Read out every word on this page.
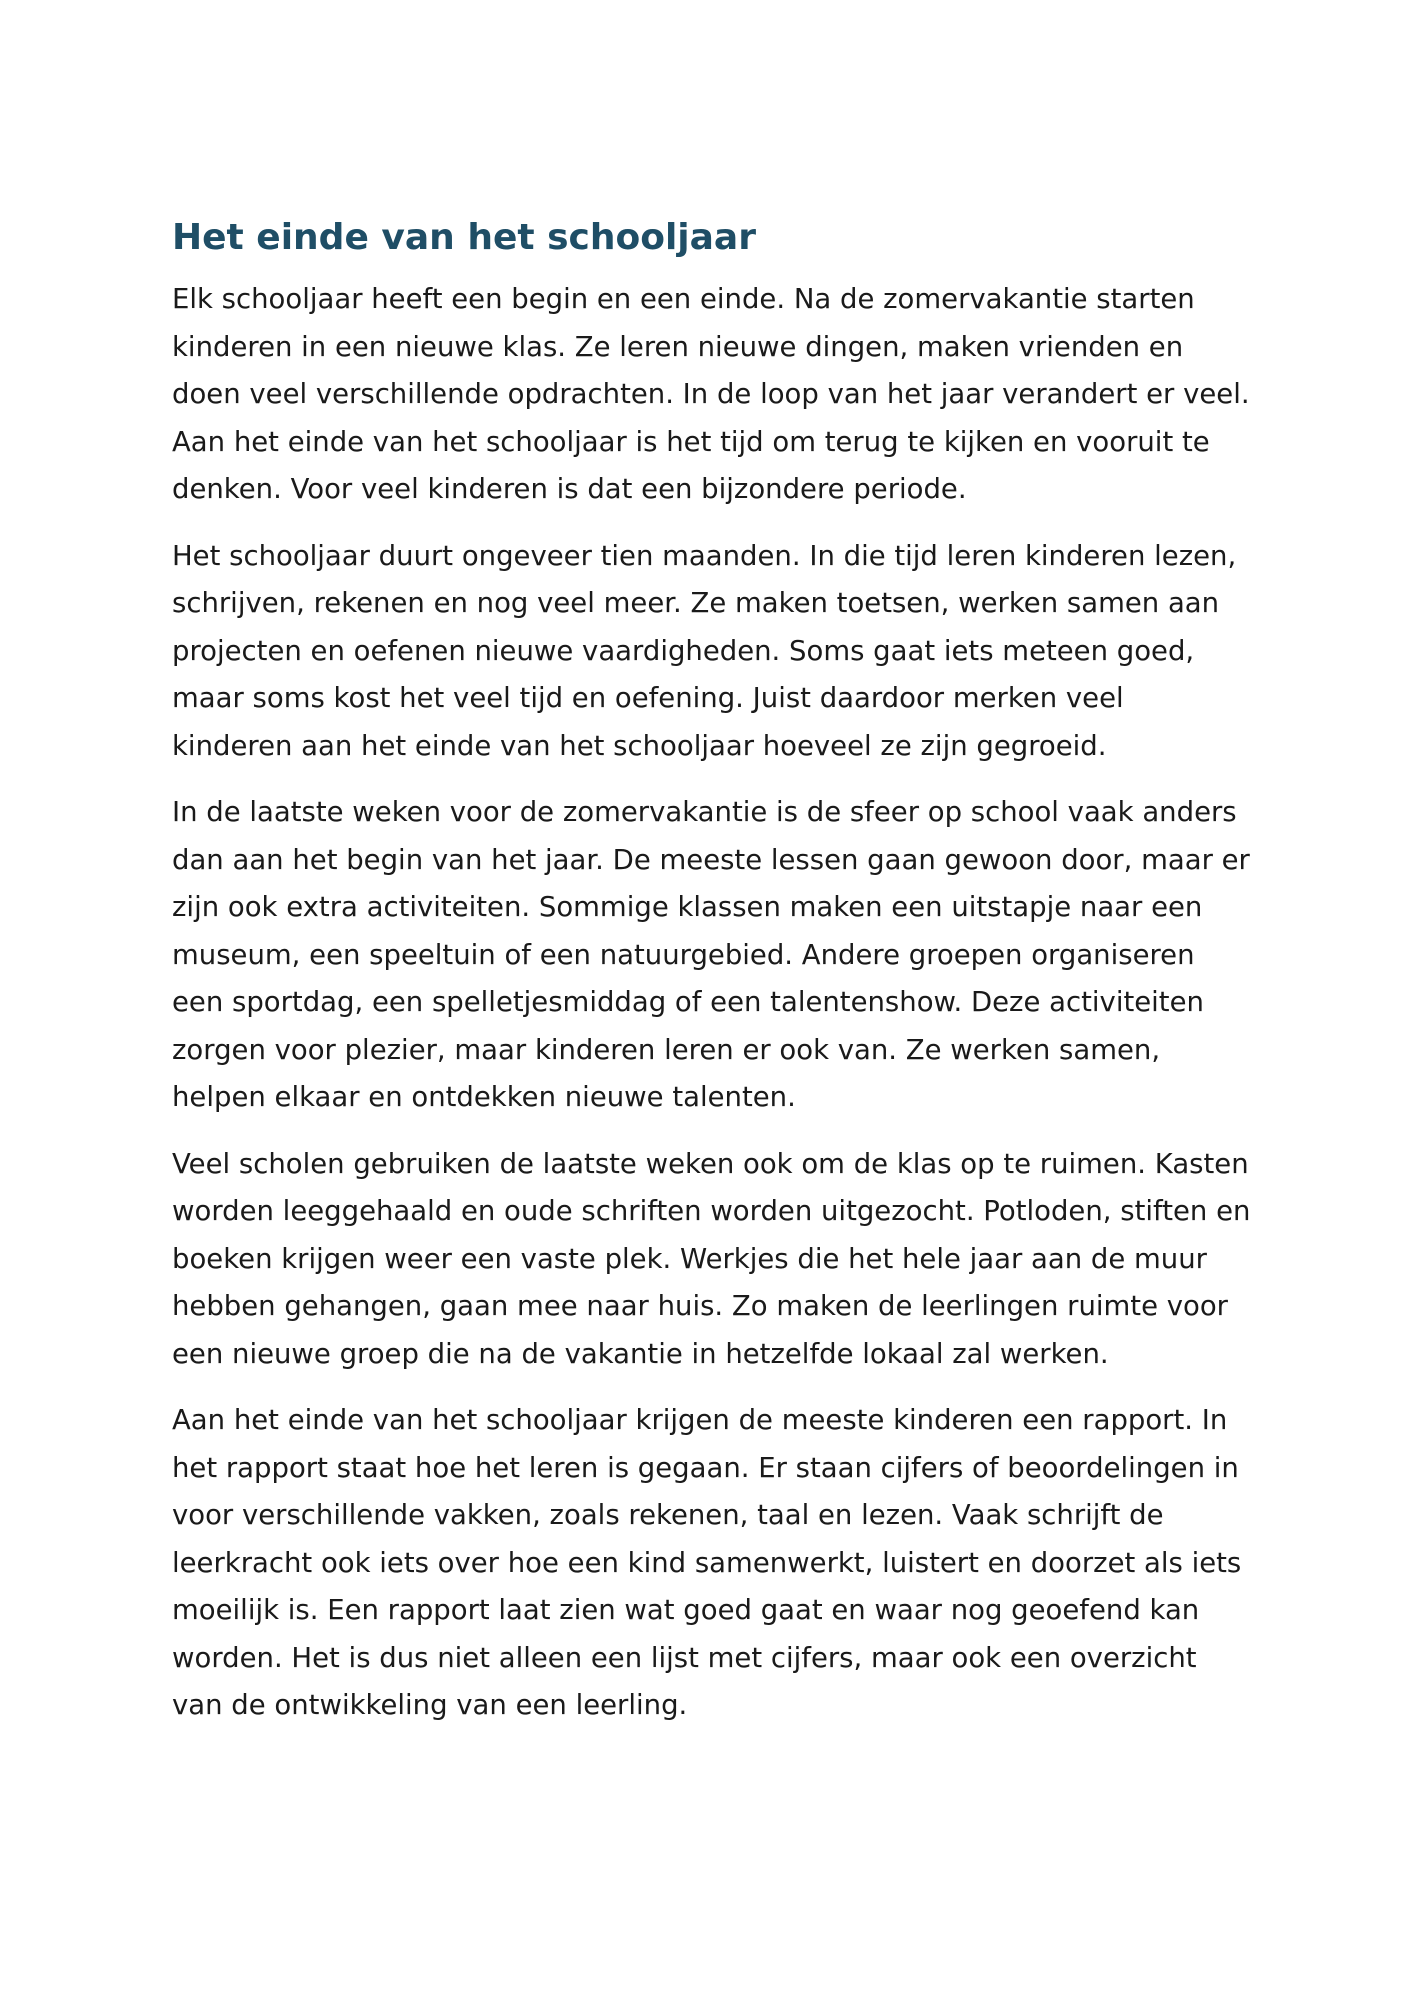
Het einde van het schooljaar

Elk schooljaar heeft een begin en een einde. Na de zomervakantie starten kinderen in een nieuwe klas. Ze leren nieuwe dingen, maken vrienden en doen veel verschillende opdrachten. In de loop van het jaar verandert er veel. Aan het einde van het schooljaar is het tijd om terug te kijken en vooruit te denken. Voor veel kinderen is dat een bijzondere periode.

Het schooljaar duurt ongeveer tien maanden. In die tijd leren kinderen lezen, schrijven, rekenen en nog veel meer. Ze maken toetsen, werken samen aan projecten en oefenen nieuwe vaardigheden. Soms gaat iets meteen goed, maar soms kost het veel tijd en oefening. Juist daardoor merken veel kinderen aan het einde van het schooljaar hoeveel ze zijn gegroeid.

In de laatste weken voor de zomervakantie is de sfeer op school vaak anders dan aan het begin van het jaar. De meeste lessen gaan gewoon door, maar er zijn ook extra activiteiten. Sommige klassen maken een uitstapje naar een museum, een speeltuin of een natuurgebied. Andere groepen organiseren een sportdag, een spelletjesmiddag of een talentenshow. Deze activiteiten zorgen voor plezier, maar kinderen leren er ook van. Ze werken samen, helpen elkaar en ontdekken nieuwe talenten.

Veel scholen gebruiken de laatste weken ook om de klas op te ruimen. Kasten worden leeggehaald en oude schriften worden uitgezocht. Potloden, stiften en boeken krijgen weer een vaste plek. Werkjes die het hele jaar aan de muur hebben gehangen, gaan mee naar huis. Zo maken de leerlingen ruimte voor een nieuwe groep die na de vakantie in hetzelfde lokaal zal werken.

Aan het einde van het schooljaar krijgen de meeste kinderen een rapport. In het rapport staat hoe het leren is gegaan. Er staan cijfers of beoordelingen in voor verschillende vakken, zoals rekenen, taal en lezen. Vaak schrijft de leerkracht ook iets over hoe een kind samenwerkt, luistert en doorzet als iets moeilijk is. Een rapport laat zien wat goed gaat en waar nog geoefend kan worden. Het is dus niet alleen een lijst met cijfers, maar ook een overzicht van de ontwikkeling van een leerling.
